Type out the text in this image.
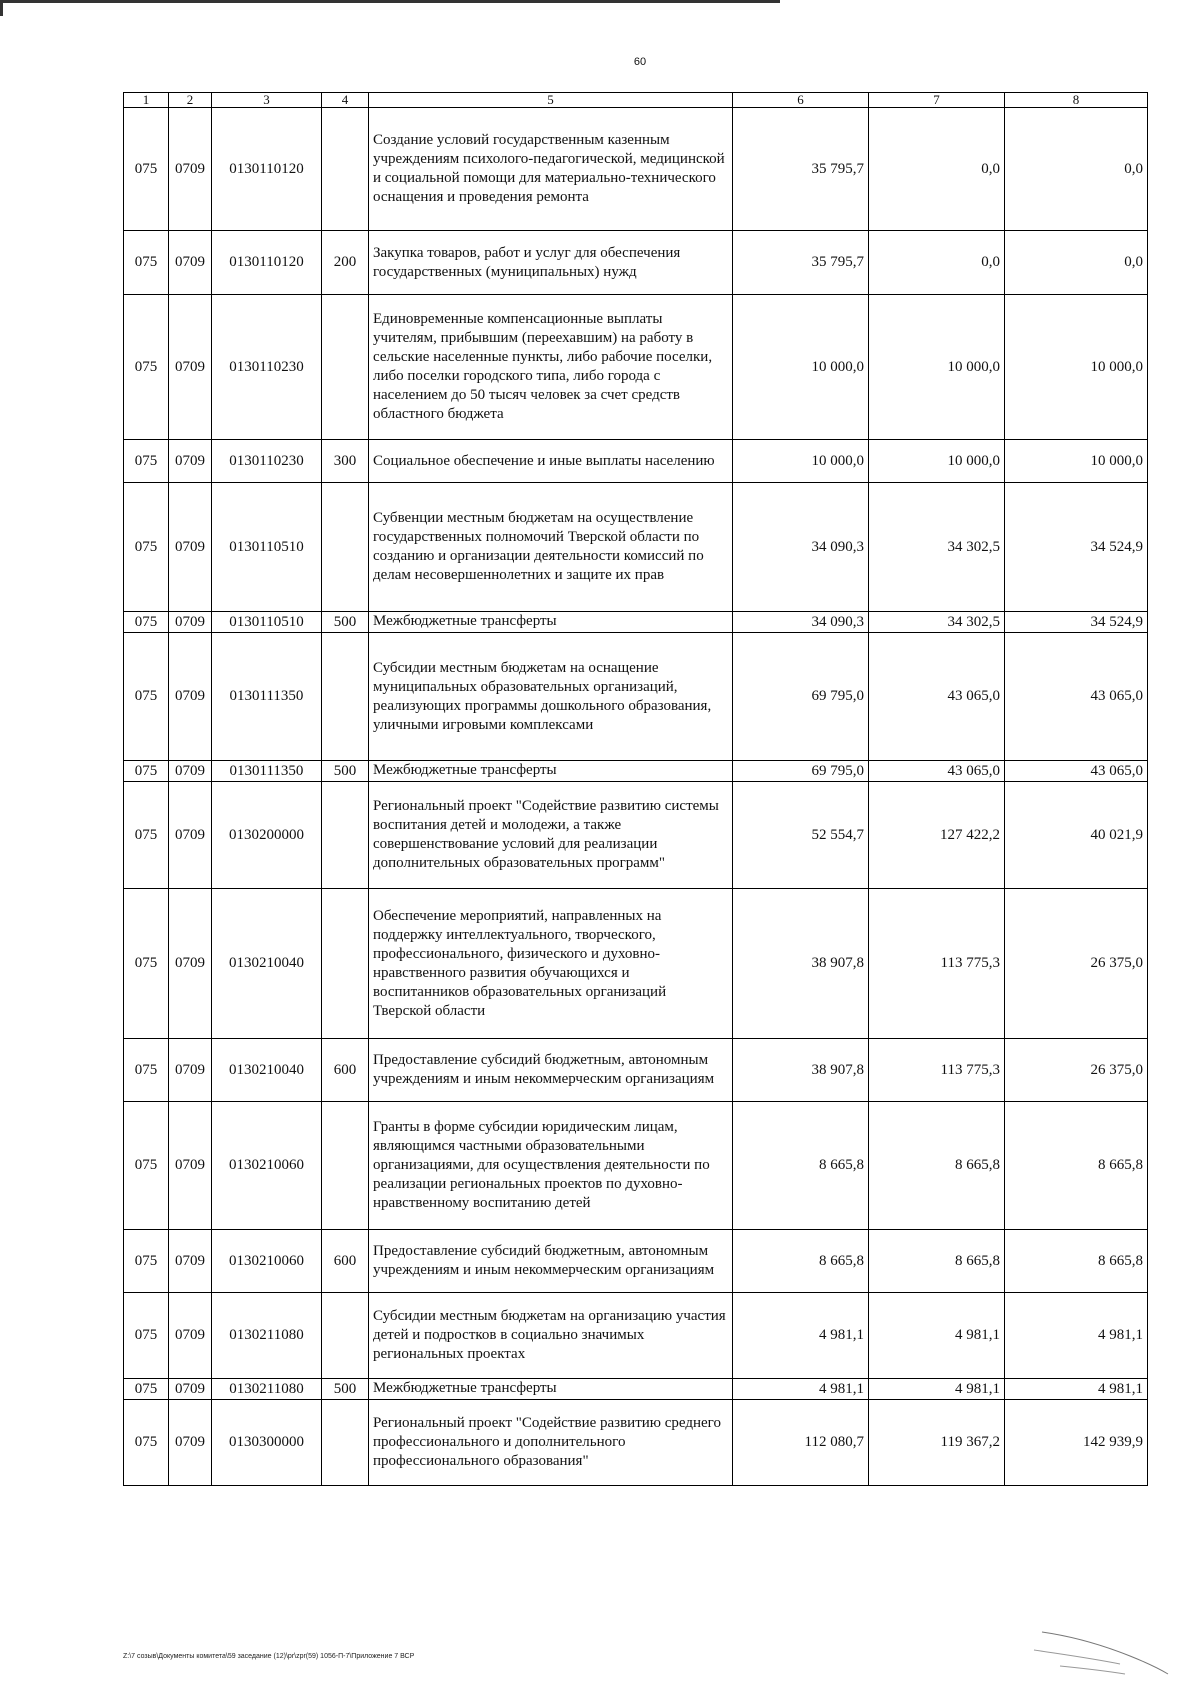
60
1	2	3	4	5	6	7	8
075	0709	0130110120		Создание условий государственным казенным учреждениям психолого-педагогической, медицинской и социальной помощи для материально-технического оснащения и проведения ремонта	35 795,7	0,0	0,0
075	0709	0130110120	200	Закупка товаров, работ и услуг для обеспечения государственных (муниципальных) нужд	35 795,7	0,0	0,0
075	0709	0130110230		Единовременные компенсационные выплаты учителям, прибывшим (переехавшим) на работу в сельские населенные пункты, либо рабочие поселки, либо поселки городского типа, либо города с населением до 50 тысяч человек за счет средств областного бюджета	10 000,0	10 000,0	10 000,0
075	0709	0130110230	300	Социальное обеспечение и иные выплаты населению	10 000,0	10 000,0	10 000,0
075	0709	0130110510		Субвенции местным бюджетам на осуществление государственных полномочий Тверской области по созданию и организации деятельности комиссий по делам несовершеннолетних и защите их прав	34 090,3	34 302,5	34 524,9
075	0709	0130110510	500	Межбюджетные трансферты	34 090,3	34 302,5	34 524,9
075	0709	0130111350		Субсидии местным бюджетам на оснащение муниципальных образовательных организаций, реализующих программы дошкольного образования, уличными игровыми комплексами	69 795,0	43 065,0	43 065,0
075	0709	0130111350	500	Межбюджетные трансферты	69 795,0	43 065,0	43 065,0
075	0709	0130200000		Региональный проект "Содействие развитию системы воспитания детей и молодежи, а также совершенствование условий для реализации дополнительных образовательных программ"	52 554,7	127 422,2	40 021,9
075	0709	0130210040		Обеспечение мероприятий, направленных на поддержку интеллектуального, творческого, профессионального, физического и духовно-нравственного развития обучающихся и воспитанников образовательных организаций Тверской области	38 907,8	113 775,3	26 375,0
075	0709	0130210040	600	Предоставление субсидий бюджетным, автономным учреждениям и иным некоммерческим организациям	38 907,8	113 775,3	26 375,0
075	0709	0130210060		Гранты в форме субсидии юридическим лицам, являющимся частными образовательными организациями, для осуществления деятельности по реализации региональных проектов по духовно-нравственному воспитанию детей	8 665,8	8 665,8	8 665,8
075	0709	0130210060	600	Предоставление субсидий бюджетным, автономным учреждениям и иным некоммерческим организациям	8 665,8	8 665,8	8 665,8
075	0709	0130211080		Субсидии местным бюджетам на организацию участия детей и подростков в социально значимых региональных проектах	4 981,1	4 981,1	4 981,1
075	0709	0130211080	500	Межбюджетные трансферты	4 981,1	4 981,1	4 981,1
075	0709	0130300000		Региональный проект "Содействие развитию среднего профессионального и дополнительного профессионального образования"	112 080,7	119 367,2	142 939,9
Z:\7 созыв\Документы комитета\59 заседание (12)\pr\zpr(59) 1056-П-7\Приложение 7 ВСР
